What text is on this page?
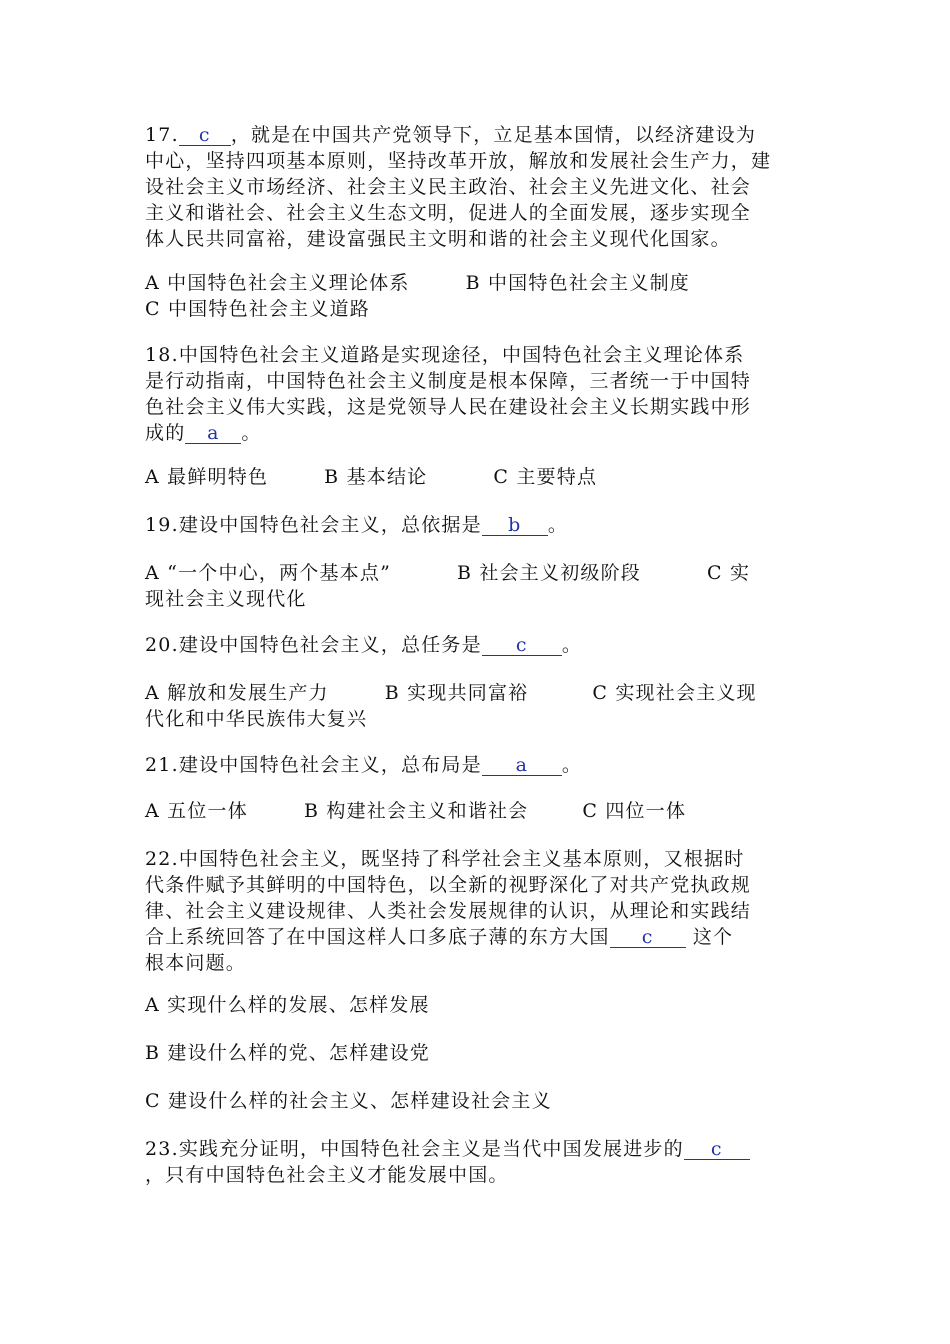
17. c ，就是在中国共产党领导下，立足基本国情，以经济建设为
中心，坚持四项基本原则，坚持改革开放，解放和发展社会生产力，建
设社会主义市场经济、社会主义民主政治、社会主义先进文化、社会
主义和谐社会、社会主义生态文明，促进人的全面发展，逐步实现全
体人民共同富裕，建设富强民主文明和谐的社会主义现代化国家。
A 中国特色社会主义理论体系	B 中国特色社会主义制度
C 中国特色社会主义道路
18.中国特色社会主义道路是实现途径，中国特色社会主义理论体系
是行动指南，中国特色社会主义制度是根本保障，三者统一于中国特
色社会主义伟大实践，这是党领导人民在建设社会主义长期实践中形
成的 a 。
A 最鲜明特色	B 基本结论	C 主要特点
19.建设中国特色社会主义，总依据是 b 。
A “一个中心，两个基本点”	B 社会主义初级阶段	C 实
现社会主义现代化
20.建设中国特色社会主义，总任务是 c 。
A 解放和发展生产力	B 实现共同富裕	C 实现社会主义现
代化和中华民族伟大复兴
21.建设中国特色社会主义，总布局是 a 。
A 五位一体	B 构建社会主义和谐社会	C 四位一体
22.中国特色社会主义，既坚持了科学社会主义基本原则，又根据时
代条件赋予其鲜明的中国特色，以全新的视野深化了对共产党执政规
律、社会主义建设规律、人类社会发展规律的认识，从理论和实践结
合上系统回答了在中国这样人口多底子薄的东方大国 c 这个
根本问题。
A 实现什么样的发展、怎样发展
B 建设什么样的党、怎样建设党
C 建设什么样的社会主义、怎样建设社会主义
23.实践充分证明，中国特色社会主义是当代中国发展进步的 c
，只有中国特色社会主义才能发展中国。
